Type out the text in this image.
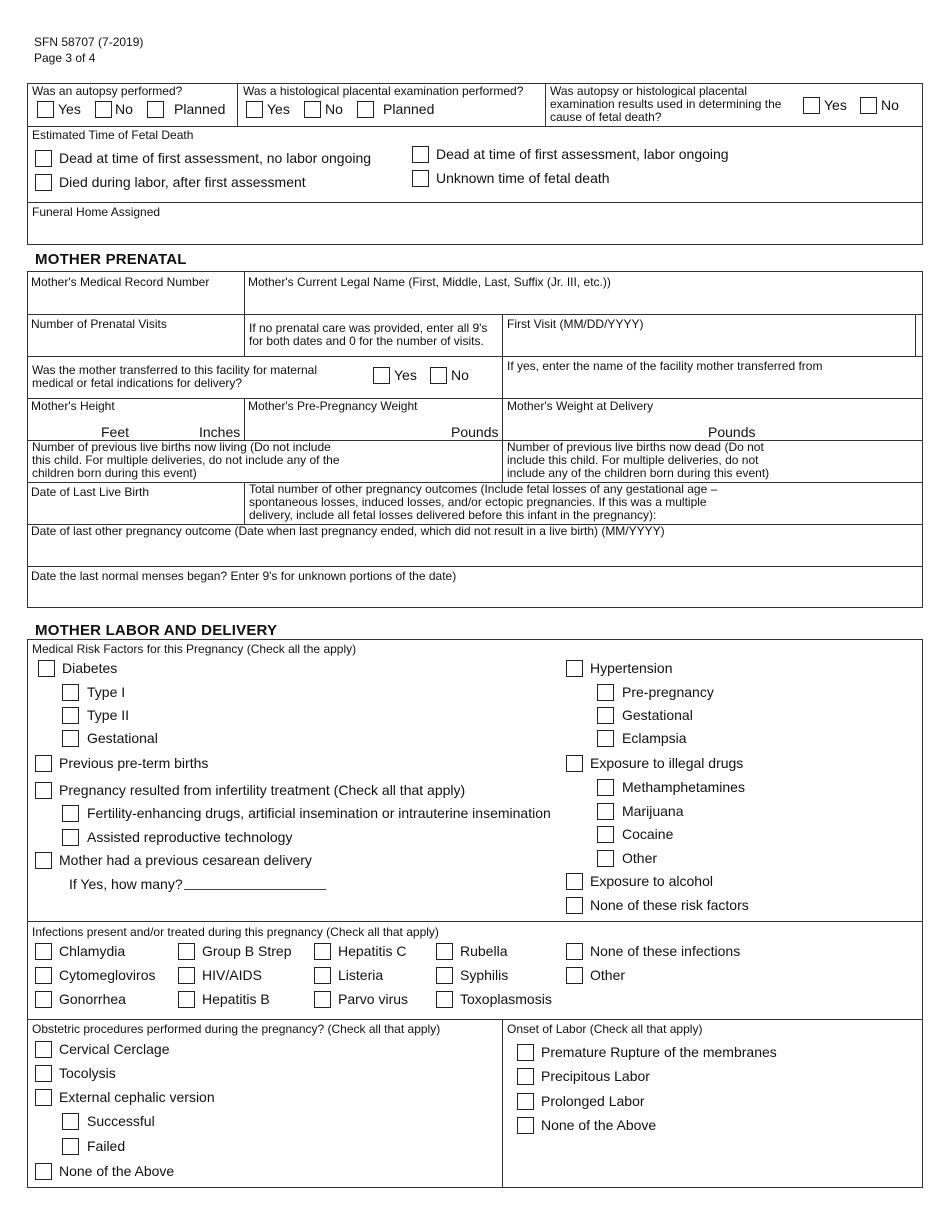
SFN 58707 (7-2019)
Page 3 of 4
Was an autopsy performed?
Yes No	Planned
Was a histological placental examination performed?
Yes	No	Planned
Was autopsy or histological placental examination results used in determining the cause of fetal death?
Yes No
Estimated Time of Fetal Death
Dead at time of first assessment, no labor ongoing
Died during labor, after first assessment
Dead at time of first assessment, labor ongoing
Unknown time of fetal death
Funeral Home Assigned
MOTHER PRENATAL
Mother's Medical Record Number	Mother's Current Legal Name (First, Middle, Last, Suffix (Jr. III, etc.))
Number of Prenatal Visits	If no prenatal care was provided, enter all 9's for both dates and 0 for the number of visits.
First Visit (MM/DD/YYYY)
Was the mother transferred to this facility for maternal medical or fetal indications for delivery?	Yes No
If yes, enter the name of the facility mother transferred from
Mother's Height
Feet	Inches
Mother's Pre-Pregnancy Weight
Pounds
Mother's Weight at Delivery
Pounds
Number of previous live births now living (Do not include this child. For multiple deliveries, do not include any of the children born during this event)
Number of previous live births now dead (Do not include this child. For multiple deliveries, do not include any of the children born during this event)
Date of Last Live Birth	Total number of other pregnancy outcomes (Include fetal losses of any gestational age – spontaneous losses, induced losses, and/or ectopic pregnancies. If this was a multiple delivery, include all fetal losses delivered before this infant in the pregnancy):
Date of last other pregnancy outcome (Date when last pregnancy ended, which did not result in a live birth) (MM/YYYY)
Date the last normal menses began? Enter 9's for unknown portions of the date)
MOTHER LABOR AND DELIVERY
Medical Risk Factors for this Pregnancy (Check all the apply)
Diabetes
Type I
Type II
Gestational
Previous pre-term births
Pregnancy resulted from infertility treatment (Check all that apply)
Fertility-enhancing drugs, artificial insemination or intrauterine insemination
Assisted reproductive technology
Mother had a previous cesarean delivery
If Yes, how many?
Hypertension
Pre-pregnancy
Gestational
Eclampsia
Exposure to illegal drugs
Methamphetamines
Marijuana
Cocaine
Other
Exposure to alcohol
None of these risk factors
Infections present and/or treated during this pregnancy (Check all that apply)
Chlamydia	Group B Strep	Hepatitis C	Rubella	None of these infections
Cytomegloviros	HIV/AIDS	Listeria	Syphilis	Other
Gonorrhea	Hepatitis B	Parvo virus	Toxoplasmosis
Obstetric procedures performed during the pregnancy? (Check all that apply)
Cervical Cerclage
Tocolysis
External cephalic version
Successful
Failed
None of the Above
Onset of Labor (Check all that apply)
Premature Rupture of the membranes
Precipitous Labor
Prolonged Labor
None of the Above
